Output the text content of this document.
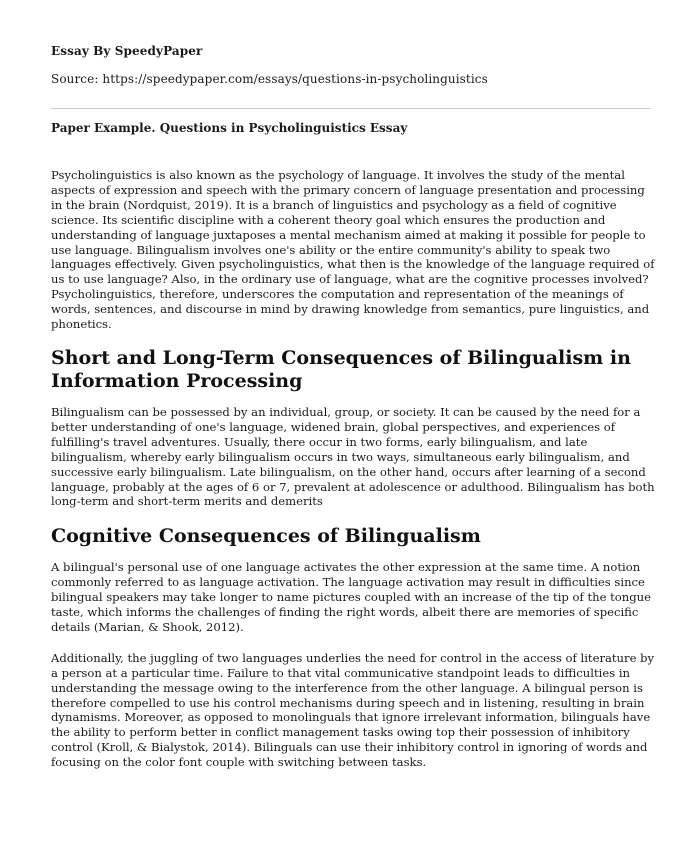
Essay By SpeedyPaper
Source: https://speedypaper.com/essays/questions-in-psycholinguistics
Paper Example. Questions in Psycholinguistics Essay

Psycholinguistics is also known as the psychology of language. It involves the study of the mental aspects of expression and speech with the primary concern of language presentation and processing in the brain (Nordquist, 2019). It is a branch of linguistics and psychology as a field of cognitive science. Its scientific discipline with a coherent theory goal which ensures the production and understanding of language juxtaposes a mental mechanism aimed at making it possible for people to use language. Bilingualism involves one's ability or the entire community's ability to speak two languages effectively. Given psycholinguistics, what then is the knowledge of the language required of us to use language? Also, in the ordinary use of language, what are the cognitive processes involved? Psycholinguistics, therefore, underscores the computation and representation of the meanings of words, sentences, and discourse in mind by drawing knowledge from semantics, pure linguistics, and phonetics.

Short and Long-Term Consequences of Bilingualism in Information Processing

Bilingualism can be possessed by an individual, group, or society. It can be caused by the need for a better understanding of one's language, widened brain, global perspectives, and experiences of fulfilling's travel adventures. Usually, there occur in two forms, early bilingualism, and late bilingualism, whereby early bilingualism occurs in two ways, simultaneous early bilingualism, and successive early bilingualism. Late bilingualism, on the other hand, occurs after learning of a second language, probably at the ages of 6 or 7, prevalent at adolescence or adulthood. Bilingualism has both long-term and short-term merits and demerits

Cognitive Consequences of Bilingualism

A bilingual's personal use of one language activates the other expression at the same time. A notion commonly referred to as language activation. The language activation may result in difficulties since bilingual speakers may take longer to name pictures coupled with an increase of the tip of the tongue taste, which informs the challenges of finding the right words, albeit there are memories of specific details (Marian, & Shook, 2012).

Additionally, the juggling of two languages underlies the need for control in the access of literature by a person at a particular time. Failure to that vital communicative standpoint leads to difficulties in understanding the message owing to the interference from the other language. A bilingual person is therefore compelled to use his control mechanisms during speech and in listening, resulting in brain dynamisms. Moreover, as opposed to monolinguals that ignore irrelevant information, bilinguals have the ability to perform better in conflict management tasks owing top their possession of inhibitory control (Kroll, & Bialystok, 2014). Bilinguals can use their inhibitory control in ignoring of words and focusing on the color font couple with switching between tasks.
